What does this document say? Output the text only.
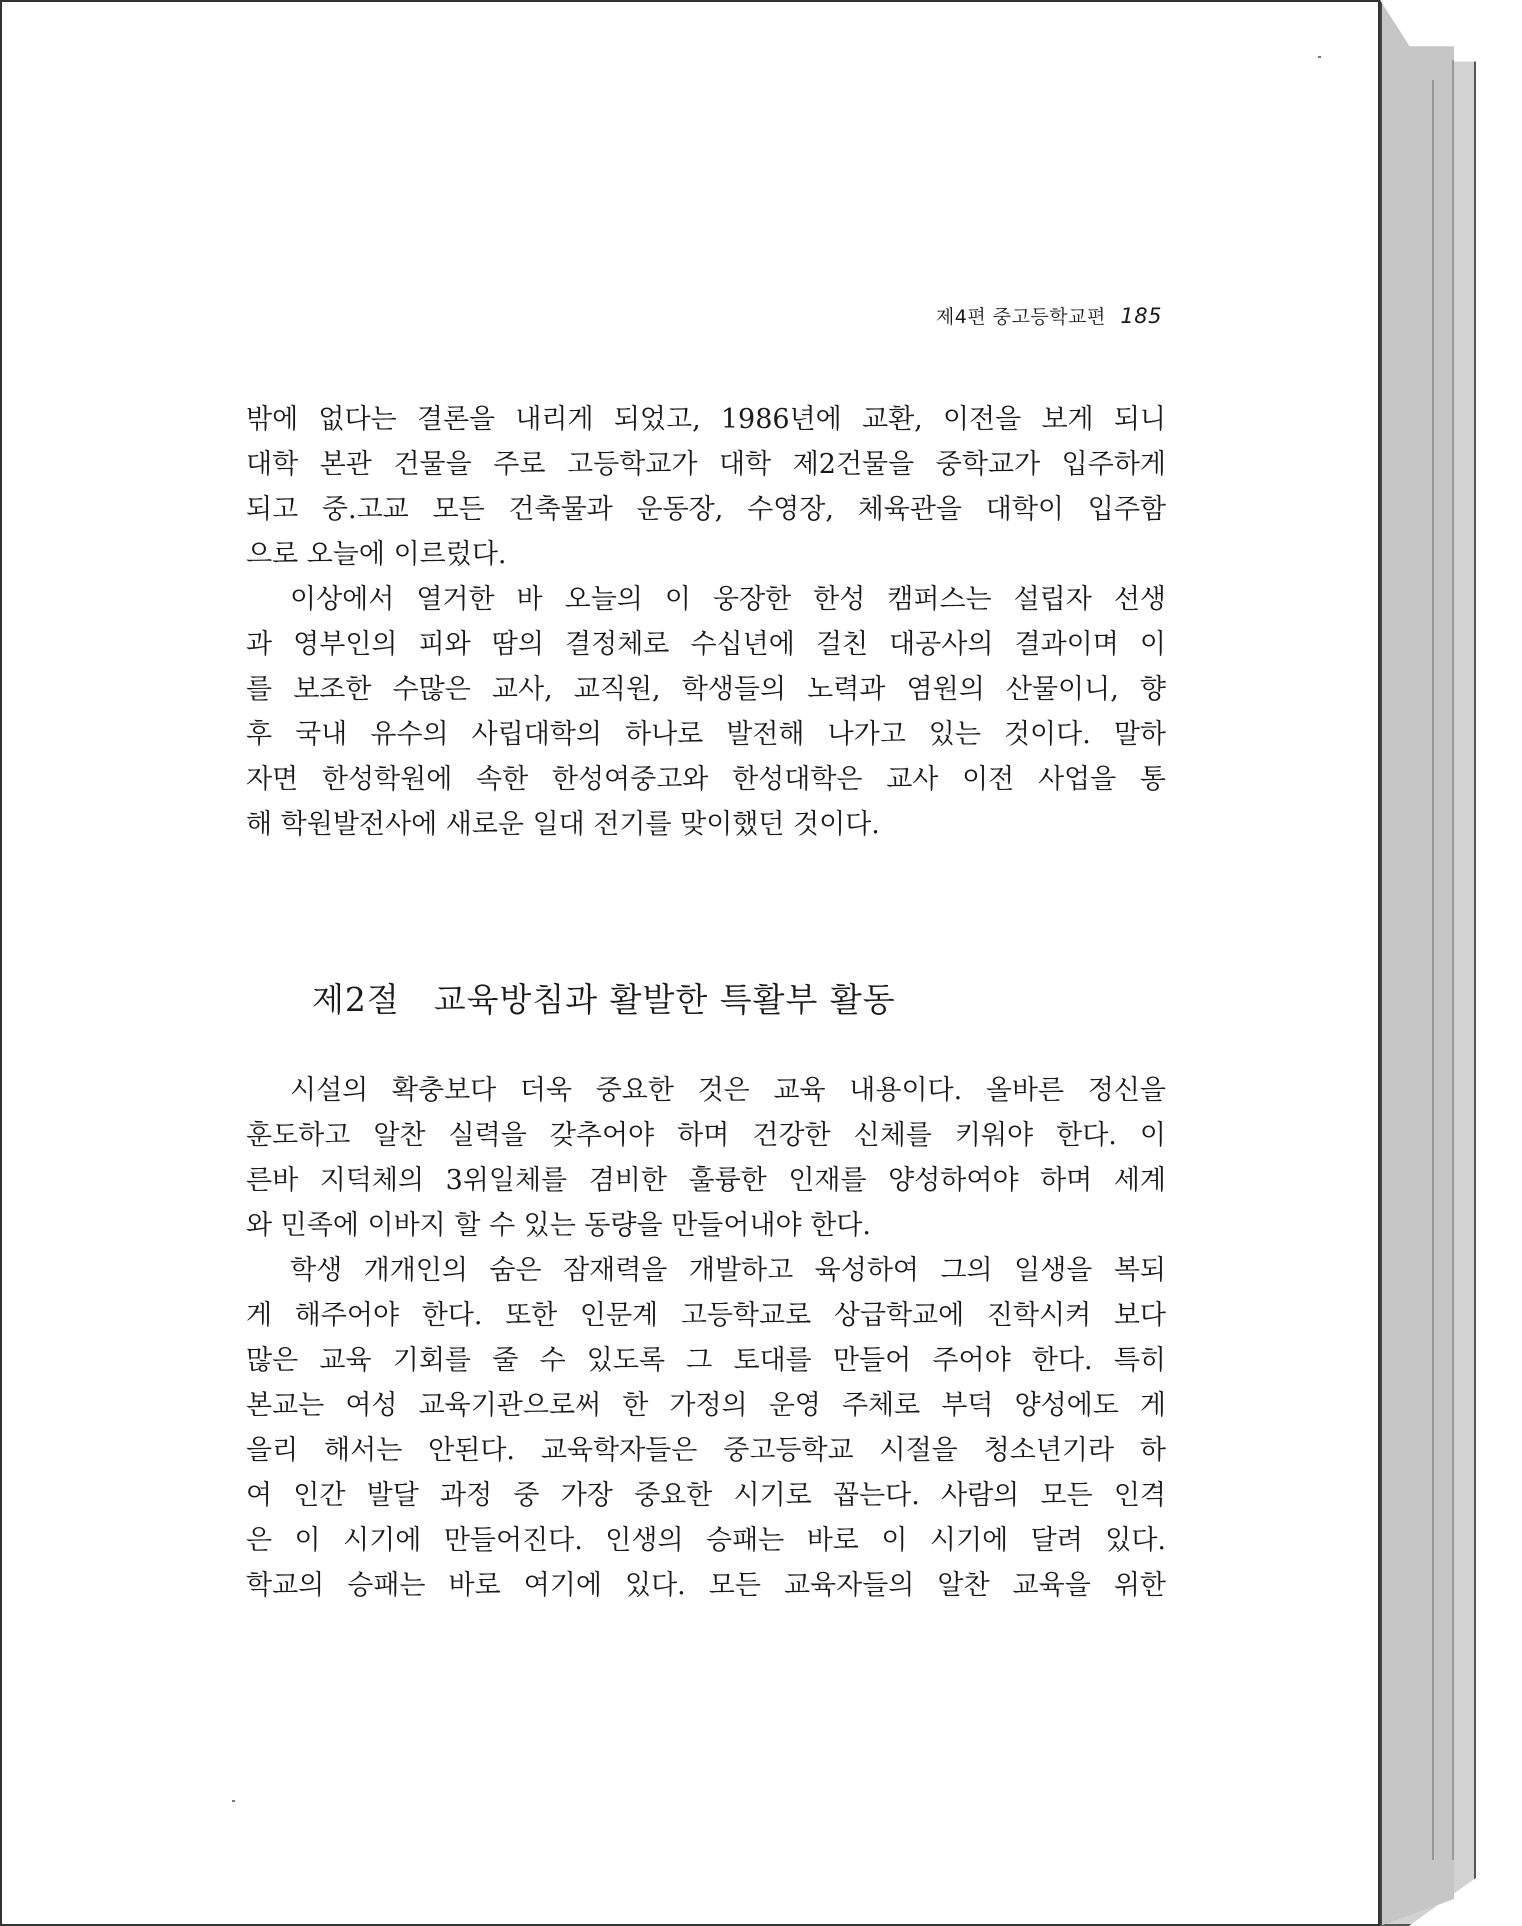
제4편 중고등학교편 185
밖에 없다는 결론을 내리게 되었고, 1986년에 교환, 이전을 보게 되니
대학 본관 건물을 주로 고등학교가 대학 제2건물을 중학교가 입주하게
되고 중.고교 모든 건축물과 운동장, 수영장, 체육관을 대학이 입주함
으로 오늘에 이르렀다.
이상에서 열거한 바 오늘의 이 웅장한 한성 캠퍼스는 설립자 선생
과 영부인의 피와 땀의 결정체로 수십년에 걸친 대공사의 결과이며 이
를 보조한 수많은 교사, 교직원, 학생들의 노력과 염원의 산물이니, 향
후 국내 유수의 사립대학의 하나로 발전해 나가고 있는 것이다. 말하
자면 한성학원에 속한 한성여중고와 한성대학은 교사 이전 사업을 통
해 학원발전사에 새로운 일대 전기를 맞이했던 것이다.
제2절 교육방침과 활발한 특활부 활동
시설의 확충보다 더욱 중요한 것은 교육 내용이다. 올바른 정신을
훈도하고 알찬 실력을 갖추어야 하며 건강한 신체를 키워야 한다. 이
른바 지덕체의 3위일체를 겸비한 훌륭한 인재를 양성하여야 하며 세계
와 민족에 이바지 할 수 있는 동량을 만들어내야 한다.
학생 개개인의 숨은 잠재력을 개발하고 육성하여 그의 일생을 복되
게 해주어야 한다. 또한 인문계 고등학교로 상급학교에 진학시켜 보다
많은 교육 기회를 줄 수 있도록 그 토대를 만들어 주어야 한다. 특히
본교는 여성 교육기관으로써 한 가정의 운영 주체로 부덕 양성에도 게
을리 해서는 안된다. 교육학자들은 중고등학교 시절을 청소년기라 하
여 인간 발달 과정 중 가장 중요한 시기로 꼽는다. 사람의 모든 인격
은 이 시기에 만들어진다. 인생의 승패는 바로 이 시기에 달려 있다.
학교의 승패는 바로 여기에 있다. 모든 교육자들의 알찬 교육을 위한
